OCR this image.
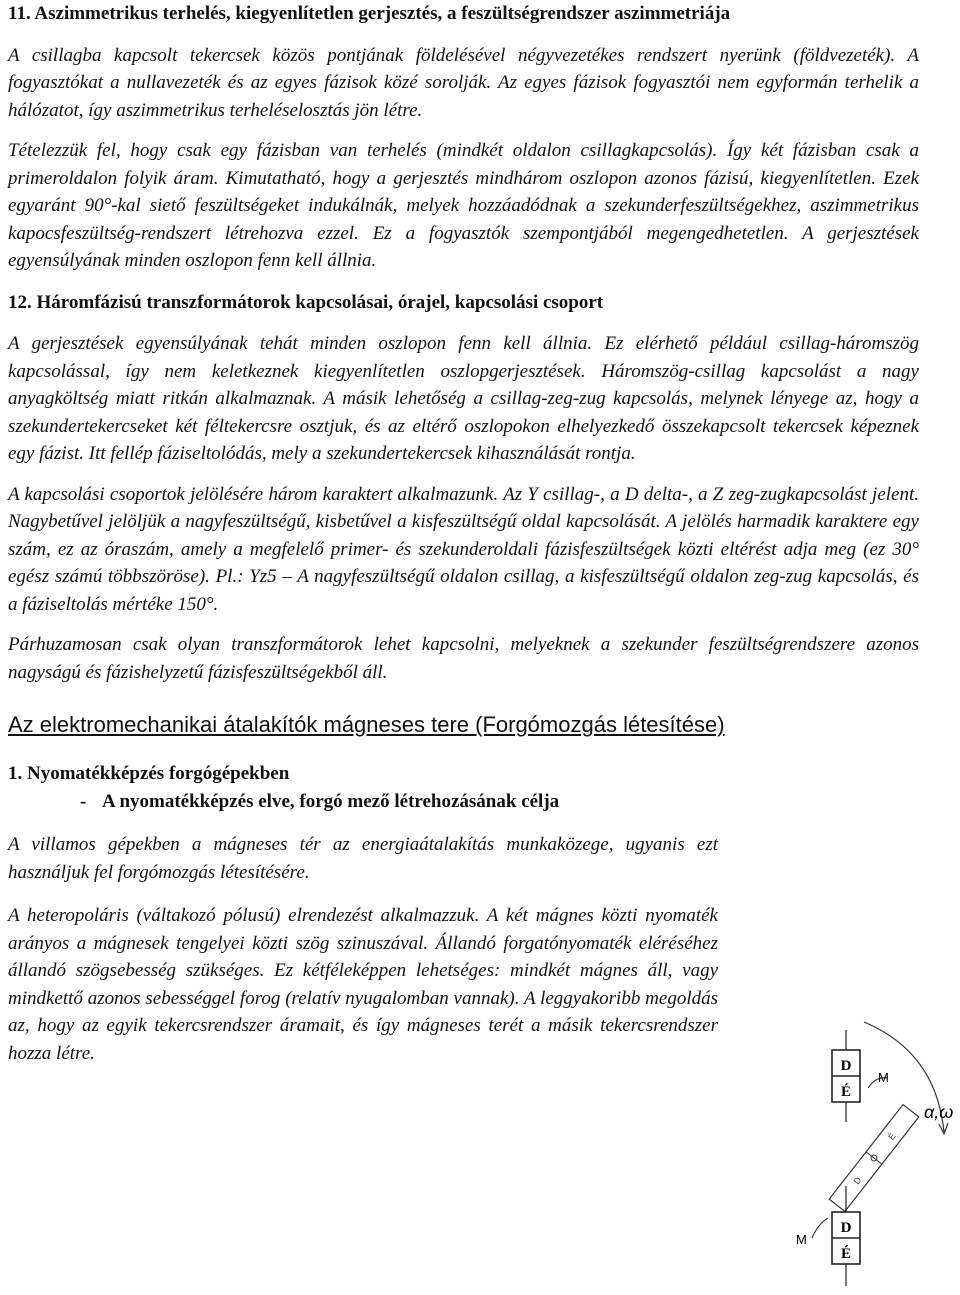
11. Aszimmetrikus terhelés, kiegyenlítetlen gerjesztés, a feszültségrendszer aszimmetriája

A csillagba kapcsolt tekercsek közös pontjának földelésével négyvezetékes rendszert nyerünk (földvezeték). A fogyasztókat a nullavezeték és az egyes fázisok közé sorolják. Az egyes fázisok fogyasztói nem egyformán terhelik a hálózatot, így aszimmetrikus terheléselosztás jön létre.

Tételezzük fel, hogy csak egy fázisban van terhelés (mindkét oldalon csillagkapcsolás). Így két fázisban csak a primeroldalon folyik áram. Kimutatható, hogy a gerjesztés mindhárom oszlopon azonos fázisú, kiegyenlítetlen. Ezek egyaránt 90°-kal siető feszültségeket indukálnák, melyek hozzáadódnak a szekunderfeszültségekhez, aszimmetrikus kapocsfeszültség-rendszert létrehozva ezzel. Ez a fogyasztók szempontjából megengedhetetlen. A gerjesztések egyensúlyának minden oszlopon fenn kell állnia.

12. Háromfázisú transzformátorok kapcsolásai, órajel, kapcsolási csoport

A gerjesztések egyensúlyának tehát minden oszlopon fenn kell állnia. Ez elérhető például csillag-háromszög kapcsolással, így nem keletkeznek kiegyenlítetlen oszlopgerjesztések. Háromszög-csillag kapcsolást a nagy anyagköltség miatt ritkán alkalmaznak. A másik lehetőség a csillag-zeg-zug kapcsolás, melynek lényege az, hogy a szekundertekercseket két féltekercsre osztjuk, és az eltérő oszlopokon elhelyezkedő összekapcsolt tekercsek képeznek egy fázist. Itt fellép fáziseltolódás, mely a szekundertekercsek kihasználását rontja.

A kapcsolási csoportok jelölésére három karaktert alkalmazunk. Az Y csillag-, a D delta-, a Z zeg-zugkapcsolást jelent. Nagybetűvel jelöljük a nagyfeszültségű, kisbetűvel a kisfeszültségű oldal kapcsolását. A jelölés harmadik karaktere egy szám, ez az óraszám, amely a megfelelő primer- és szekunderoldali fázisfeszültségek közti eltérést adja meg (ez 30° egész számú többszöröse). Pl.: Yz5 – A nagyfeszültségű oldalon csillag, a kisfeszültségű oldalon zeg-zug kapcsolás, és a fáziseltolás mértéke 150°.

Párhuzamosan csak olyan transzformátorok lehet kapcsolni, melyeknek a szekunder feszültségrendszere azonos nagyságú és fázishelyzetű fázisfeszültségekből áll.

Az elektromechanikai átalakítók mágneses tere (Forgómozgás létesítése)
1. Nyomatékképzés forgógépekben
- A nyomatékképzés elve, forgó mező létrehozásának célja

A villamos gépekben a mágneses tér az energiaátalakítás munkaközege, ugyanis ezt használjuk fel forgómozgás létesítésére.

A heteropoláris (váltakozó pólusú) elrendezést alkalmazzuk. A két mágnes közti nyomaték arányos a mágnesek tengelyei közti szög szinuszával. Állandó forgatónyomaték eléréséhez állandó szögsebesség szükséges. Ez kétféleképpen lehetséges: mindkét mágnes áll, vagy mindkettő azonos sebességgel forog (relatív nyugalomban vannak). A leggyakoribb megoldás az, hogy az egyik tekercsrendszer áramait, és így mágneses terét a másik tekercsrendszer hozza létre.

D
É
α,ω
M
D
É
D
É
M
